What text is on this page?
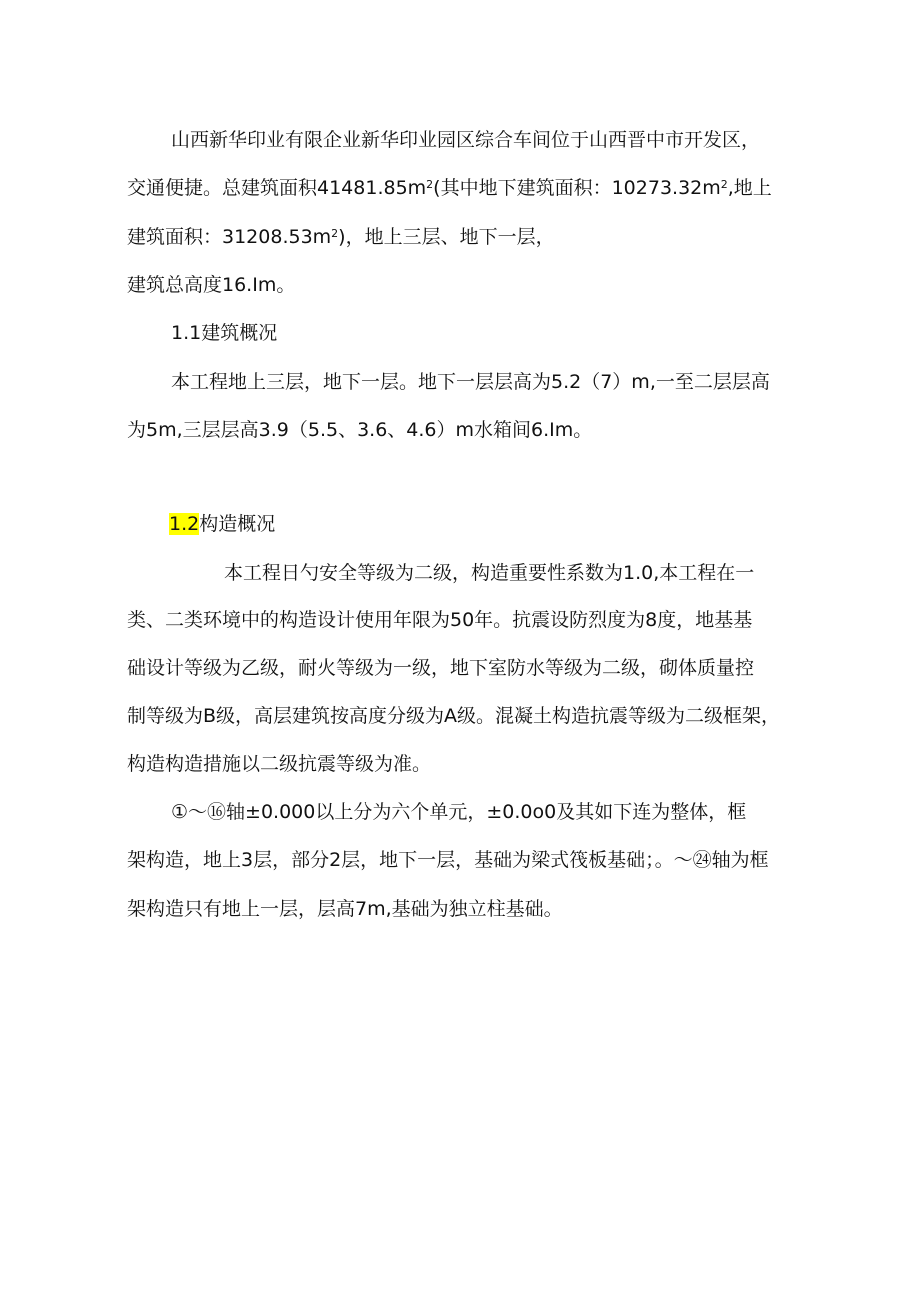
山西新华印业有限企业新华印业园区综合车间位于山西晋中市开发区，
交通便捷。总建筑面积$41481.85m^2$(其中地下建筑面积：$10273.32m^2$,地上
建筑面积：$31208.53m^2$)，地上三层、地下一层，
建筑总高度16.Im。
1.1建筑概况
本工程地上三层，地下一层。地下一层层高为5.2（7）m,一至二层层高
为5m,三层层高3.9（5.5、3.6、4.6）m水箱间6.Im。
1.2构造概况
本工程日勺安全等级为二级，构造重要性系数为1.0,本工程在一
类、二类环境中的构造设计使用年限为50年。抗震设防烈度为8度，地基基
础设计等级为乙级，耐火等级为一级，地下室防水等级为二级，砌体质量控
制等级为B级，高层建筑按高度分级为A级。混凝土构造抗震等级为二级框架，
构造构造措施以二级抗震等级为准。
①〜⑯轴±0.000以上分为六个单元，±0.0o0及其如下连为整体，框
架构造，地上3层，部分2层，地下一层，基础为梁式筏板基础；。〜㉔轴为框
架构造只有地上一层，层高7m,基础为独立柱基础。
